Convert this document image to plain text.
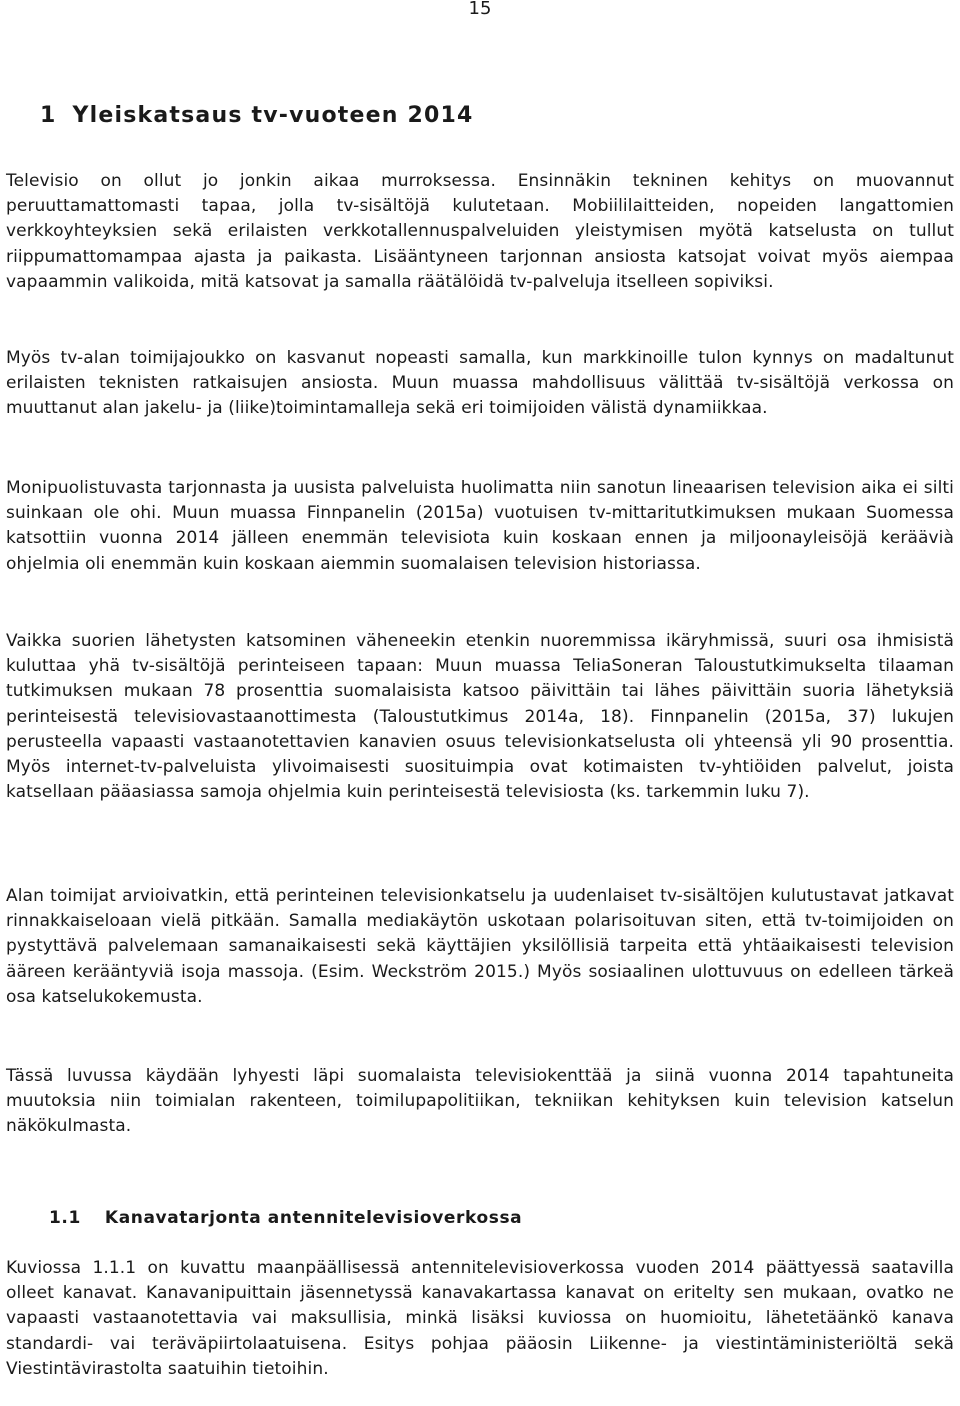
15
1 Yleiskatsaus tv-vuoteen 2014

Televisio on ollut jo jonkin aikaa murroksessa. Ensinnäkin tekninen kehitys on muovannut peruuttamattomasti tapaa, jolla tv-sisältöjä kulutetaan. Mobiililaitteiden, nopeiden langattomien verkkoyhteyksien sekä erilaisten verkkotallennuspalveluiden yleistymisen myötä katselusta on tullut riippumattomampaa ajasta ja paikasta. Lisääntyneen tarjonnan ansiosta katsojat voivat myös aiempaa vapaammin valikoida, mitä katsovat ja samalla räätälöidä tv-palveluja itselleen sopiviksi.

Myös tv-alan toimijajoukko on kasvanut nopeasti samalla, kun markkinoille tulon kynnys on madaltunut erilaisten teknisten ratkaisujen ansiosta. Muun muassa mahdollisuus välittää tv-sisältöjä verkossa on muuttanut alan jakelu- ja (liike)toimintamalleja sekä eri toimijoiden välistä dynamiikkaa.

Monipuolistuvasta tarjonnasta ja uusista palveluista huolimatta niin sanotun lineaarisen television aika ei silti suinkaan ole ohi. Muun muassa Finnpanelin (2015a) vuotuisen tv-mittaritutkimuksen mukaan Suomessa katsottiin vuonna 2014 jälleen enemmän televisiota kuin koskaan ennen ja miljoonayleisöjä keräävià ohjelmia oli enemmän kuin koskaan aiemmin suomalaisen television historiassa.

Vaikka suorien lähetysten katsominen väheneekin etenkin nuoremmissa ikäryhmissä, suuri osa ihmisistä kuluttaa yhä tv-sisältöjä perinteiseen tapaan: Muun muassa TeliaSoneran Taloustutkimukselta tilaaman tutkimuksen mukaan 78 prosenttia suomalaisista katsoo päivittäin tai lähes päivittäin suoria lähetyksiä perinteisestä televisiovastaanottimesta (Taloustutkimus 2014a, 18). Finnpanelin (2015a, 37) lukujen perusteella vapaasti vastaanotettavien kanavien osuus televisionkatselusta oli yhteensä yli 90 prosenttia. Myös internet-tv-palveluista ylivoimaisesti suosituimpia ovat kotimaisten tv-yhtiöiden palvelut, joista katsellaan pääasiassa samoja ohjelmia kuin perinteisestä televisiosta (ks. tarkemmin luku 7).

Alan toimijat arvioivatkin, että perinteinen televisionkatselu ja uudenlaiset tv-sisältöjen kulutustavat jatkavat rinnakkaiseloaan vielä pitkään. Samalla mediakäytön uskotaan polarisoituvan siten, että tv-toimijoiden on pystyttävä palvelemaan samanaikaisesti sekä käyttäjien yksilöllisiä tarpeita että yhtäaikaisesti television ääreen kerääntyviä isoja massoja. (Esim. Weckström 2015.) Myös sosiaalinen ulottuvuus on edelleen tärkeä osa katselukokemusta.

Tässä luvussa käydään lyhyesti läpi suomalaista televisiokenttää ja siinä vuonna 2014 tapahtuneita muutoksia niin toimialan rakenteen, toimilupapolitiikan, tekniikan kehityksen kuin television katselun näkökulmasta.

1.1 Kanavatarjonta antennitelevisioverkossa

Kuviossa 1.1.1 on kuvattu maanpäällisessä antennitelevisioverkossa vuoden 2014 päättyessä saatavilla olleet kanavat. Kanavanipuittain jäsennetyssä kanavakartassa kanavat on eritelty sen mukaan, ovatko ne vapaasti vastaanotettavia vai maksullisia, minkä lisäksi kuviossa on huomioitu, lähetetäänkö kanava standardi- vai teräväpiirtolaatuisena. Esitys pohjaa pääosin Liikenne- ja viestintäministeriöltä sekä Viestintävirastolta saatuihin tietoihin.
